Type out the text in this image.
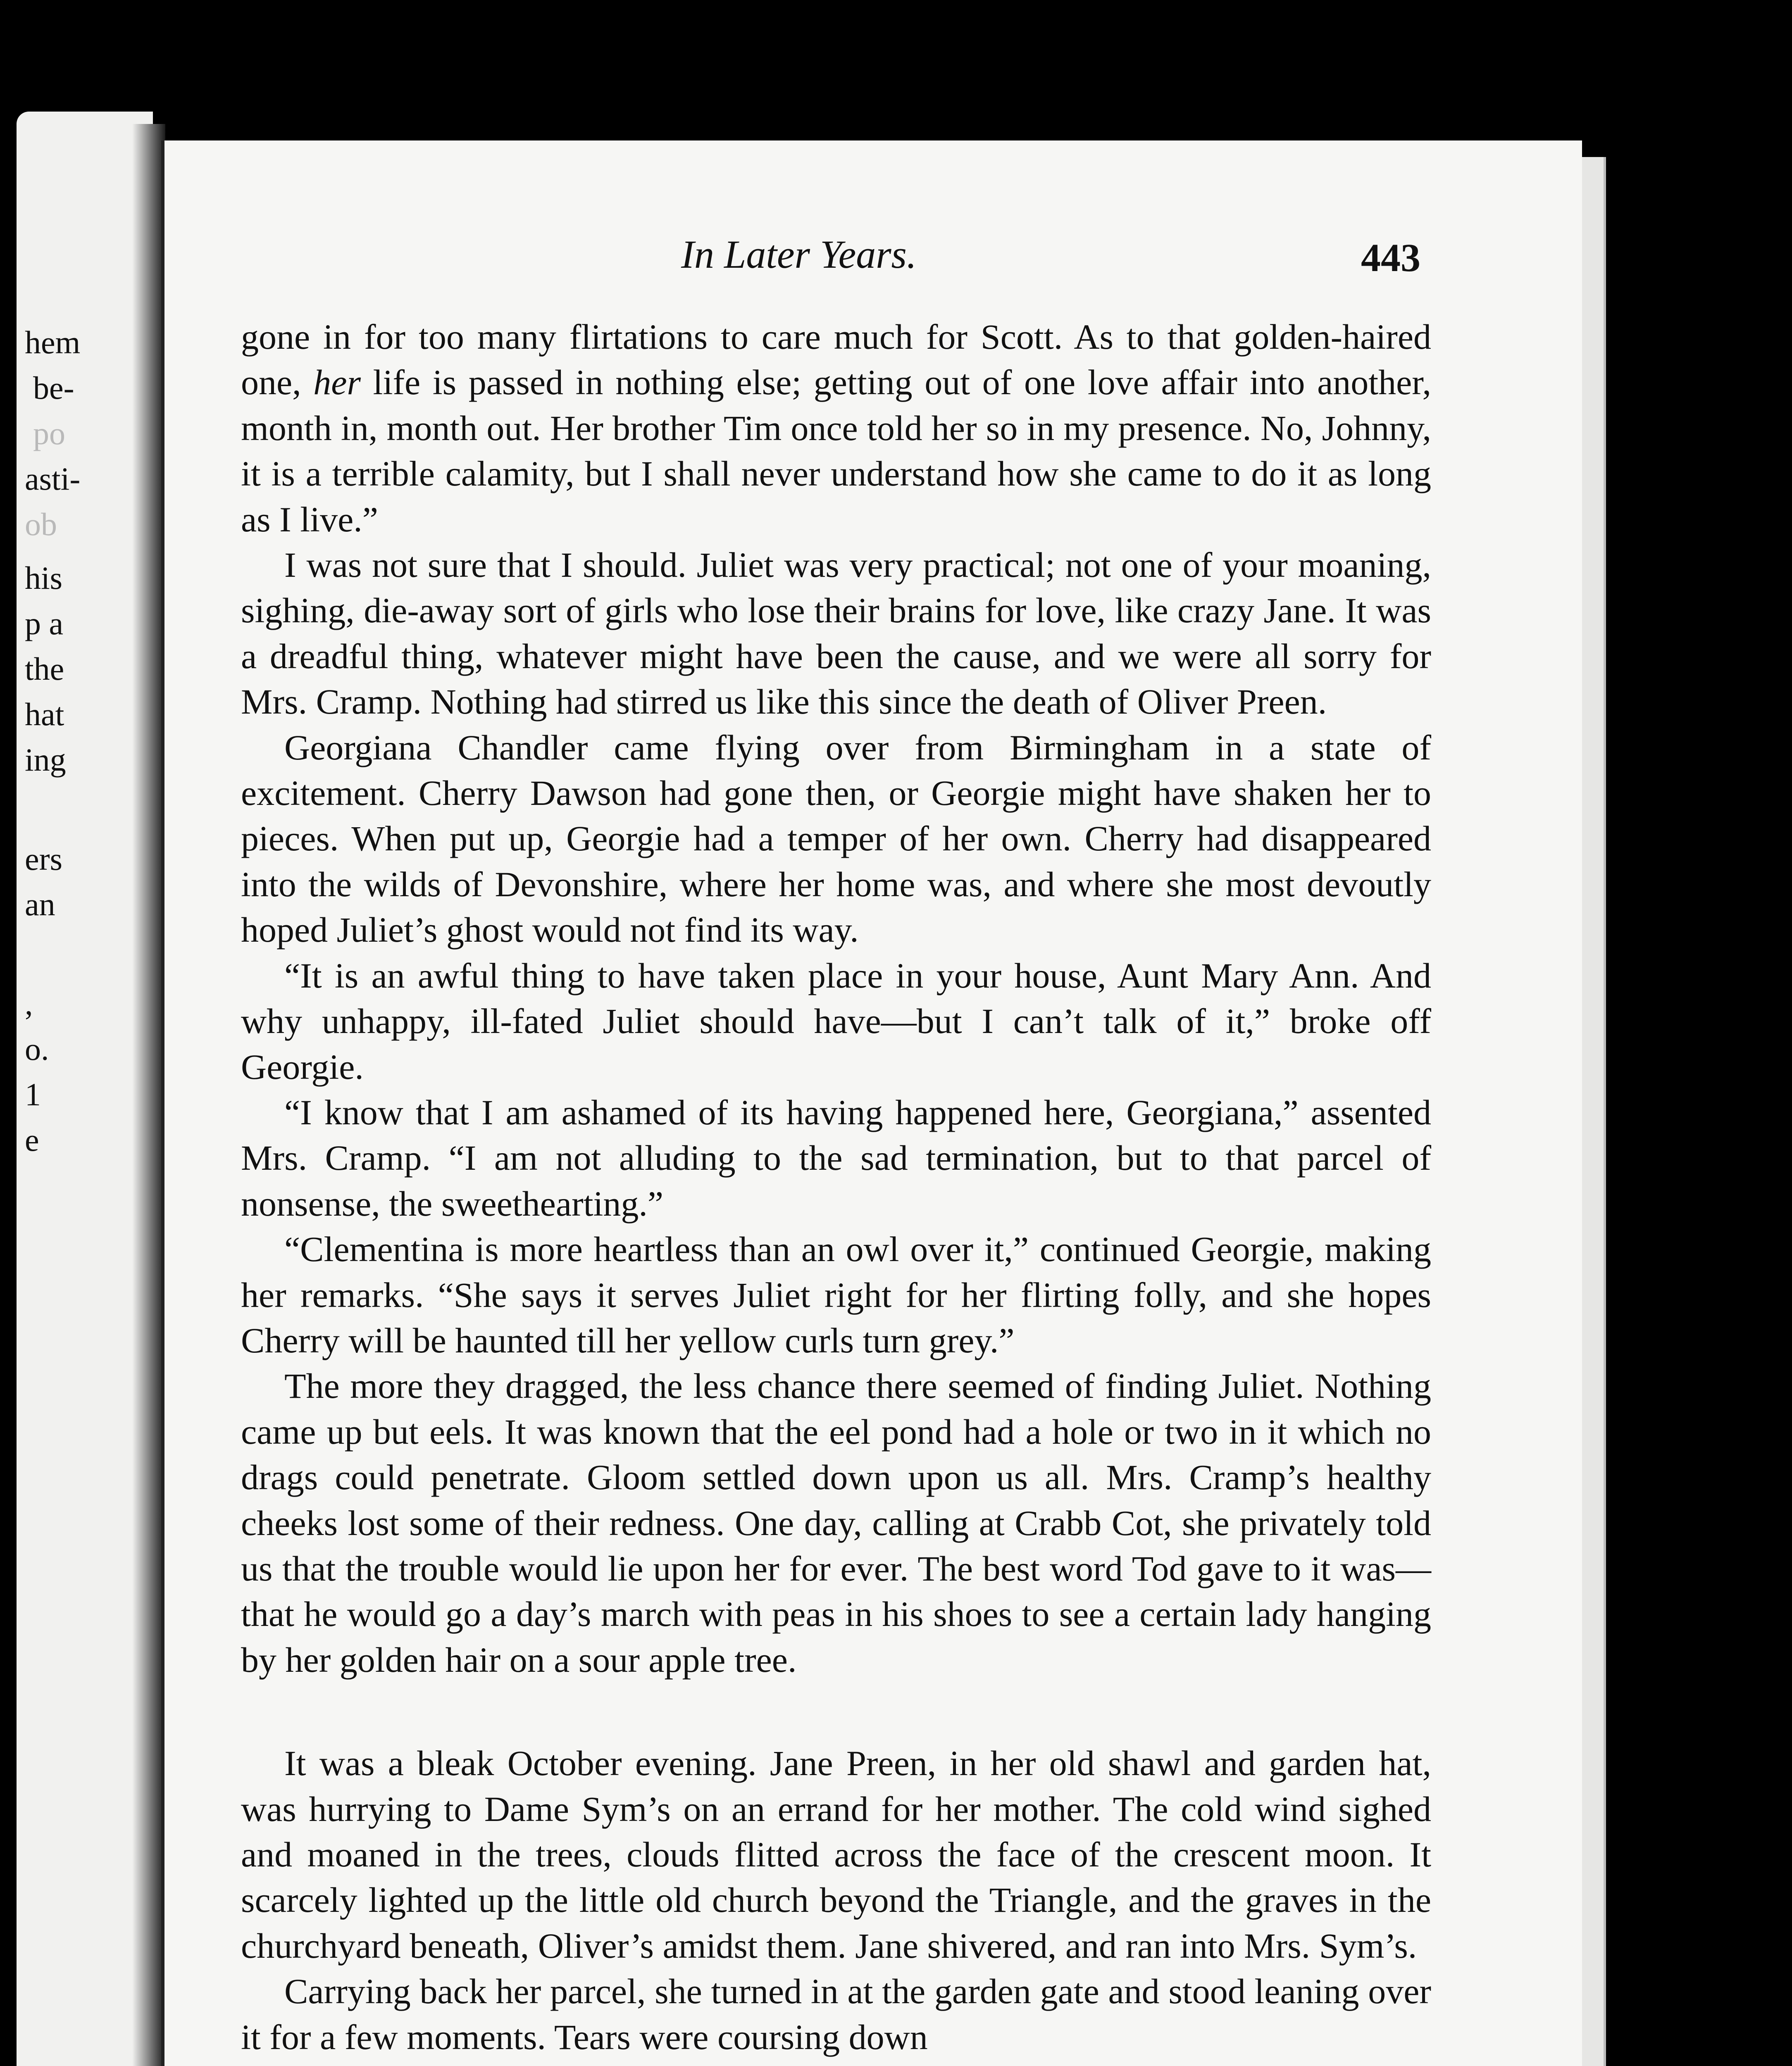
hem
be-
po
asti-
ob
his
p a
the
hat
ing
ers
an
,
o.
1
e
In Later Years.	443

gone in for too many flirtations to care much for Scott. As to that golden-haired one, her life is passed in nothing else; getting out of one love affair into another, month in, month out. Her brother Tim once told her so in my presence. No, Johnny, it is a terrible calamity, but I shall never understand how she came to do it as long as I live.”

I was not sure that I should. Juliet was very practical; not one of your moaning, sighing, die-away sort of girls who lose their brains for love, like crazy Jane. It was a dreadful thing, whatever might have been the cause, and we were all sorry for Mrs. Cramp. Nothing had stirred us like this since the death of Oliver Preen.

Georgiana Chandler came flying over from Birmingham in a state of excitement. Cherry Dawson had gone then, or Georgie might have shaken her to pieces. When put up, Georgie had a temper of her own. Cherry had disappeared into the wilds of Devonshire, where her home was, and where she most devoutly hoped Juliet’s ghost would not find its way.

“It is an awful thing to have taken place in your house, Aunt Mary Ann. And why unhappy, ill-fated Juliet should have—but I can’t talk of it,” broke off Georgie.

“I know that I am ashamed of its having happened here, Georgiana,” assented Mrs. Cramp. “I am not alluding to the sad termination, but to that parcel of nonsense, the sweethearting.”

“Clementina is more heartless than an owl over it,” continued Georgie, making her remarks. “She says it serves Juliet right for her flirting folly, and she hopes Cherry will be haunted till her yellow curls turn grey.”

The more they dragged, the less chance there seemed of finding Juliet. Nothing came up but eels. It was known that the eel pond had a hole or two in it which no drags could penetrate. Gloom settled down upon us all. Mrs. Cramp’s healthy cheeks lost some of their redness. One day, calling at Crabb Cot, she privately told us that the trouble would lie upon her for ever. The best word Tod gave to it was—that he would go a day’s march with peas in his shoes to see a certain lady hanging by her golden hair on a sour apple tree.

It was a bleak October evening. Jane Preen, in her old shawl and garden hat, was hurrying to Dame Sym’s on an errand for her mother. The cold wind sighed and moaned in the trees, clouds flitted across the face of the crescent moon. It scarcely lighted up the little old church beyond the Triangle, and the graves in the churchyard beneath, Oliver’s amidst them. Jane shivered, and ran into Mrs. Sym’s.

Carrying back her parcel, she turned in at the garden gate and stood leaning over it for a few moments. Tears were coursing down
